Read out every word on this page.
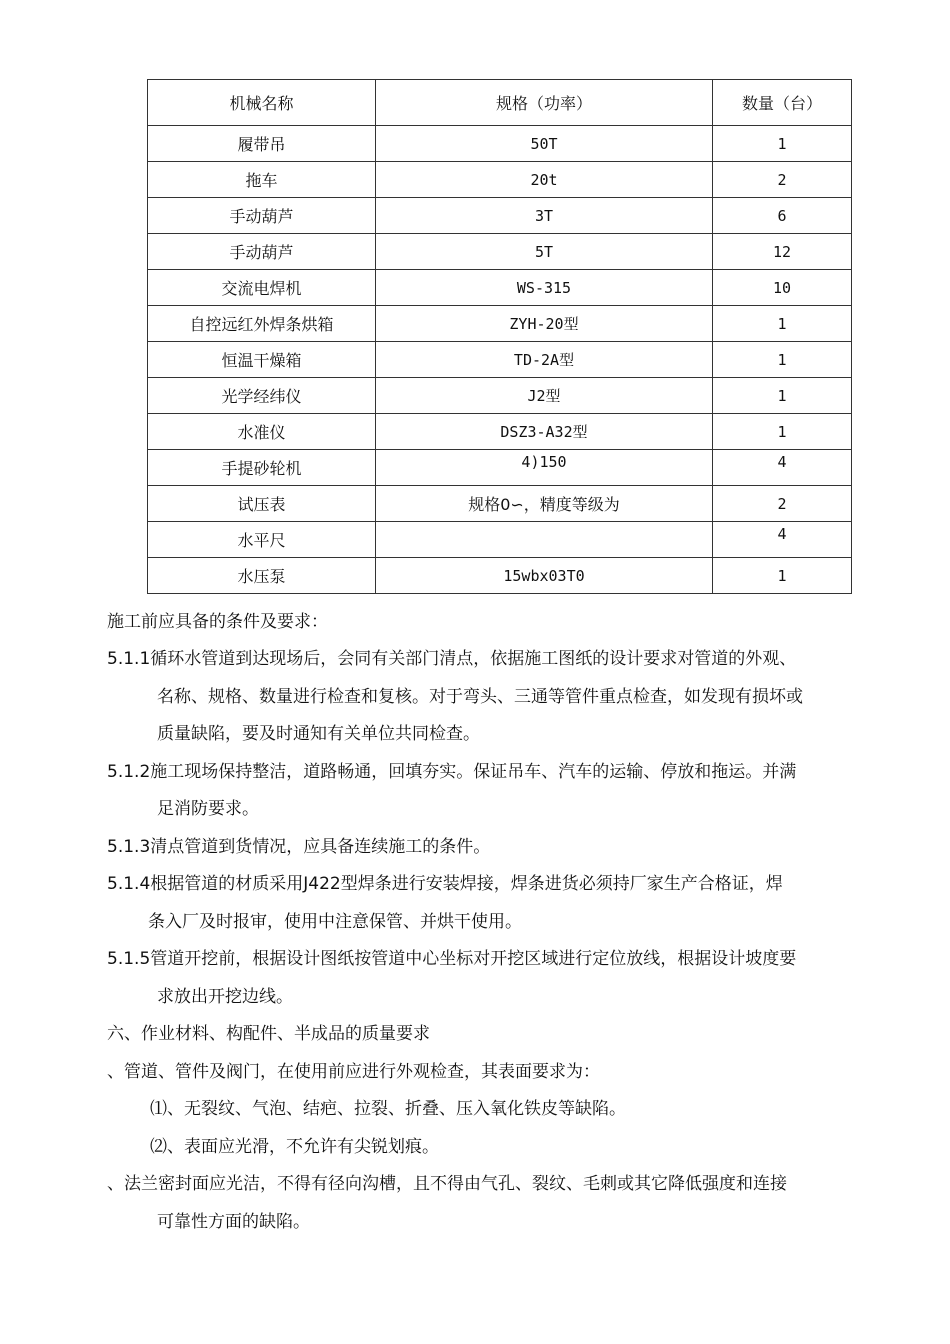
机械名称	规格（功率）	数量（台）
履带吊	50T	1
拖车	20t	2
手动葫芦	3T	6
手动葫芦	5T	12
交流电焊机	WS-315	10
自控远红外焊条烘箱	ZYH-20型	1
恒温干燥箱	TD-2A型	1
光学经纬仪	J2型	1
水准仪	DSZ3-A32型	1
手提砂轮机	4)150	4
试压表	规格0∽，精度等级为	2
水平尺		4
水压泵	15wbx03T0	1
施工前应具备的条件及要求：
5.1.1循环水管道到达现场后，会同有关部门清点，依据施工图纸的设计要求对管道的外观、
名称、规格、数量进行检查和复核。对于弯头、三通等管件重点检查，如发现有损坏或
质量缺陷，要及时通知有关单位共同检查。
5.1.2施工现场保持整洁，道路畅通，回填夯实。保证吊车、汽车的运输、停放和拖运。并满
足消防要求。
5.1.3清点管道到货情况，应具备连续施工的条件。
5.1.4根据管道的材质采用J422型焊条进行安装焊接，焊条进货必须持厂家生产合格证，焊
条入厂及时报审，使用中注意保管、并烘干使用。
5.1.5管道开挖前，根据设计图纸按管道中心坐标对开挖区域进行定位放线，根据设计坡度要
求放出开挖边线。
六、作业材料、构配件、半成品的质量要求
、管道、管件及阀门，在使用前应进行外观检查，其表面要求为：
⑴、无裂纹、气泡、结疤、拉裂、折叠、压入氧化铁皮等缺陷。
⑵、表面应光滑，不允许有尖锐划痕。
、法兰密封面应光洁，不得有径向沟槽，且不得由气孔、裂纹、毛刺或其它降低强度和连接
可靠性方面的缺陷。
